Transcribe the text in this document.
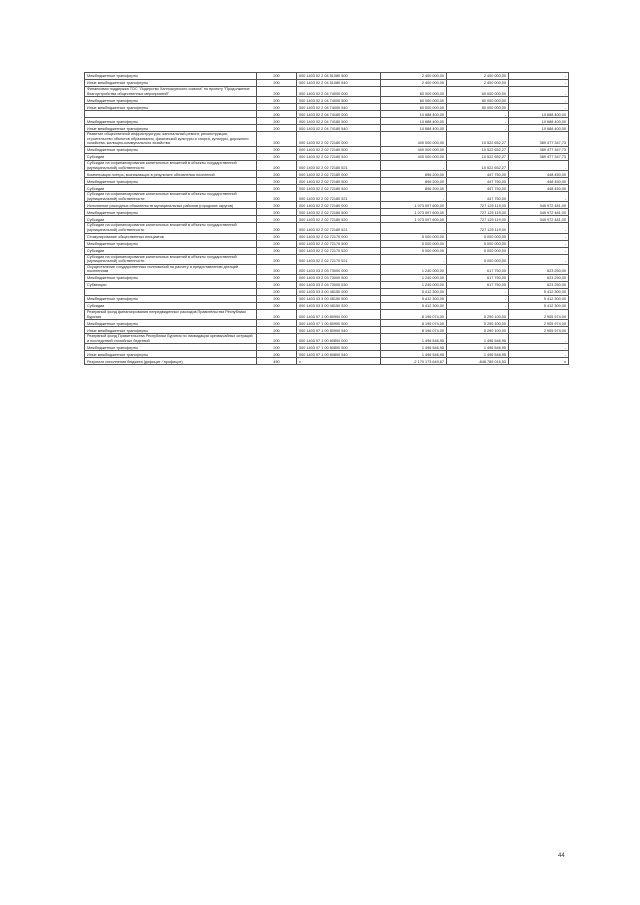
Межбюджетные трансферты	200	000 1403 02 2 04 51080 500	2 400 000,00	2 400 000,00	-
Иные межбюджетные трансферты	200	000 1403 02 2 04 51080 540	2 400 000,00	2 400 000,00	-
Финансовая поддержка ТОС "Лидерство Хангъясунского сомона" по проекту "Продолжение благоустройства общественных мероприятий"	200	000 1403 02 2 04 74000 000	60 000 000,00	60 000 000,00	-
Межбюджетные трансферты	200	000 1403 02 2 04 74000 500	60 000 000,00	60 000 000,00	-
Иные межбюджетные трансферты	200	000 1403 02 2 04 74000 540	60 000 000,00	60 000 000,00	-
	200	000 1403 02 2 04 74180 000	10 688 400,00	-	10 688 400,00
Межбюджетные трансферты	200	000 1403 02 2 04 74180 500	10 688 400,00	-	10 688 400,00
Иные межбюджетные трансферты	200	000 1403 02 2 04 74180 540	10 688 400,00	-	10 688 400,00
Развитие общественной инфраструктуры, капитальный ремонт, реконструкция, строительство объектов образования, физической культуры и спорта, культуры, дорожного хозяйства, жилищно-коммунального хозяйства	200	000 1403 02 2 02 72180 000	400 000 000,00	10 522 652,27	389 477 347,73
Межбюджетные трансферты	200	000 1403 02 2 02 72180 500	400 000 000,00	10 522 652,27	389 477 347,73
Субсидии	200	000 1403 02 2 02 72180 520	400 000 000,00	10 522 652,27	389 477 347,73
Субсидии на софинансирование капитальных вложений в объекты государственной (муниципальной) собственности	200	000 1403 02 2 02 72180 521	-	10 522 652,27	-
Компенсация потерь, возникающих в результате обновления поселений	200	000 1403 02 2 02 72180 000	896 200,00	447 750,00	448 450,00
Межбюджетные трансферты	200	000 1403 02 2 02 72180 500	896 200,00	447 750,00	448 450,00
Субсидии	200	000 1403 02 2 02 72180 520	896 200,00	447 750,00	448 450,00
Субсидии на софинансирование капитальных вложений в объекты государственной (муниципальной) собственности	200	000 1403 02 2 02 72180 521	-	447 750,00	-
Исполнение расходных обязательств муниципальных районов (городских округов)	200	000 1403 02 2 02 72180 000	1 073 097 600,00	727 125 119,00	345 972 481,00
Межбюджетные трансферты	200	000 1403 02 2 02 72180 500	1 073 097 600,00	727 125 119,00	345 972 481,00
Субсидии	200	000 1403 02 2 02 72180 520	1 073 097 600,00	727 125 119,00	345 972 481,00
Субсидии на софинансирование капитальных вложений в объекты государственной (муниципальной) собственности	200	000 1403 02 2 02 72180 521	-	727 125 119,00	-
Стимулирование общественных инициатив	200	000 1403 02 2 02 72170 000	5 000 000,00	5 000 000,00	-
Межбюджетные трансферты	200	000 1403 02 2 02 72170 500	5 000 000,00	5 000 000,00	-
Субсидии	200	000 1403 02 2 02 72170 520	5 000 000,00	5 000 000,00	-
Субсидии на софинансирование капитальных вложений в объекты государственной (муниципальной) собственности	200	000 1403 02 2 02 72170 521	-	5 000 000,00	-
Осуществление государственных полномочий по расчету и предоставлению дотаций поселениям	200	000 1403 03 2 03 73000 000	1 240 000,00	617 750,00	623 250,00
Межбюджетные трансферты	200	000 1403 03 2 03 73000 500	1 240 000,00	617 750,00	623 250,00
Субвенции	200	000 1403 03 2 03 73000 530	1 240 000,00	617 750,00	623 250,00
	200	000 1403 03 3 00 48150 000	5 412 300,00	-	5 412 300,00
Межбюджетные трансферты	200	000 1403 03 3 00 48150 500	5 412 300,00	-	5 412 300,00
Субсидии	200	000 1403 03 3 00 48150 520	5 412 300,00	-	5 412 300,00
Резервный фонд финансирования непредвиденных расходов Правительства Республики Бурятия	200	000 1403 07 1 00 80900 000	8 196 074,00	5 290 100,00	2 905 974,00
Межбюджетные трансферты	200	000 1403 07 1 00 80900 500	8 196 074,00	5 290 100,00	2 905 974,00
Иные межбюджетные трансферты	200	000 1403 07 1 00 80900 540	8 196 074,00	5 290 100,00	2 905 974,00
Резервный фонд Правительства Республики Бурятия по ликвидации чрезвычайных ситуаций и последствий стихийных бедствий	200	000 1403 07 1 00 80800 000	1 496 546,95	1 496 546,95	-
Межбюджетные трансферты	200	000 1403 07 1 00 80800 500	1 496 546,95	1 496 546,95	-
Иные межбюджетные трансферты	200	000 1403 07 1 00 80800 540	1 496 546,95	1 496 546,95	-
Результат исполнения бюджета (дефицит / профицит)	450	x	-2 170 173 649,67	-848 789 016,53	x
44
